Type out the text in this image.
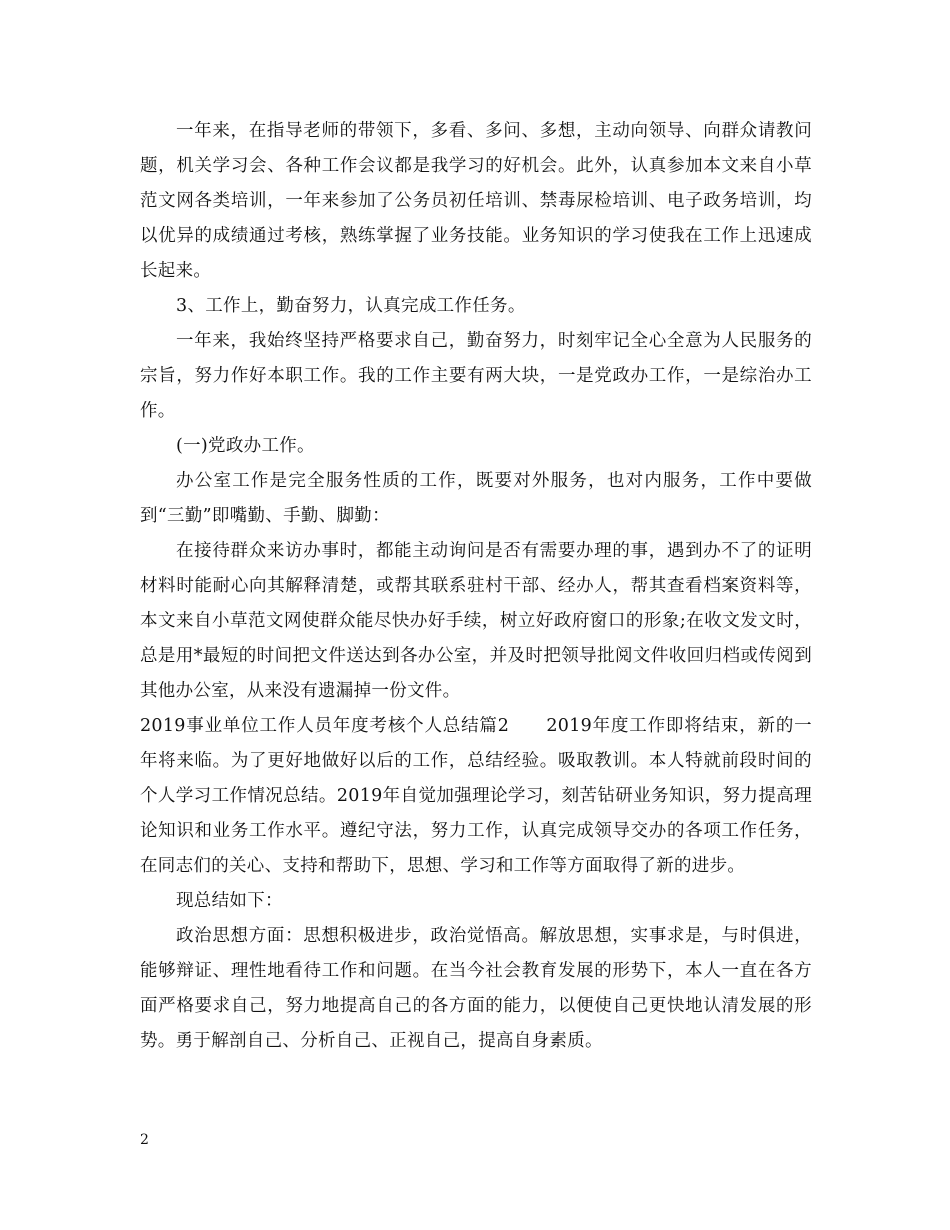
一年来，在指导老师的带领下，多看、多问、多想，主动向领导、向群众请教问题，机关学习会、各种工作会议都是我学习的好机会。此外，认真参加本文来自小草范文网各类培训，一年来参加了公务员初任培训、禁毒尿检培训、电子政务培训，均以优异的成绩通过考核，熟练掌握了业务技能。业务知识的学习使我在工作上迅速成长起来。

3、工作上，勤奋努力，认真完成工作任务。

一年来，我始终坚持严格要求自己，勤奋努力，时刻牢记全心全意为人民服务的宗旨，努力作好本职工作。我的工作主要有两大块，一是党政办工作，一是综治办工作。

(一)党政办工作。

办公室工作是完全服务性质的工作，既要对外服务，也对内服务，工作中要做到“三勤”即嘴勤、手勤、脚勤：

在接待群众来访办事时，都能主动询问是否有需要办理的事，遇到办不了的证明材料时能耐心向其解释清楚，或帮其联系驻村干部、经办人，帮其查看档案资料等，本文来自小草范文网使群众能尽快办好手续，树立好政府窗口的形象;在收文发文时，总是用*最短的时间把文件送达到各办公室，并及时把领导批阅文件收回归档或传阅到其他办公室，从来没有遗漏掉一份文件。

2019事业单位工作人员年度考核个人总结篇2　　2019年度工作即将结束，新的一年将来临。为了更好地做好以后的工作，总结经验。吸取教训。本人特就前段时间的个人学习工作情况总结。2019年自觉加强理论学习，刻苦钻研业务知识，努力提高理论知识和业务工作水平。遵纪守法，努力工作，认真完成领导交办的各项工作任务，在同志们的关心、支持和帮助下，思想、学习和工作等方面取得了新的进步。

现总结如下：

政治思想方面：思想积极进步，政治觉悟高。解放思想，实事求是，与时俱进，能够辩证、理性地看待工作和问题。在当今社会教育发展的形势下，本人一直在各方面严格要求自己，努力地提高自己的各方面的能力，以便使自己更快地认清发展的形势。勇于解剖自己、分析自己、正视自己，提高自身素质。

2
